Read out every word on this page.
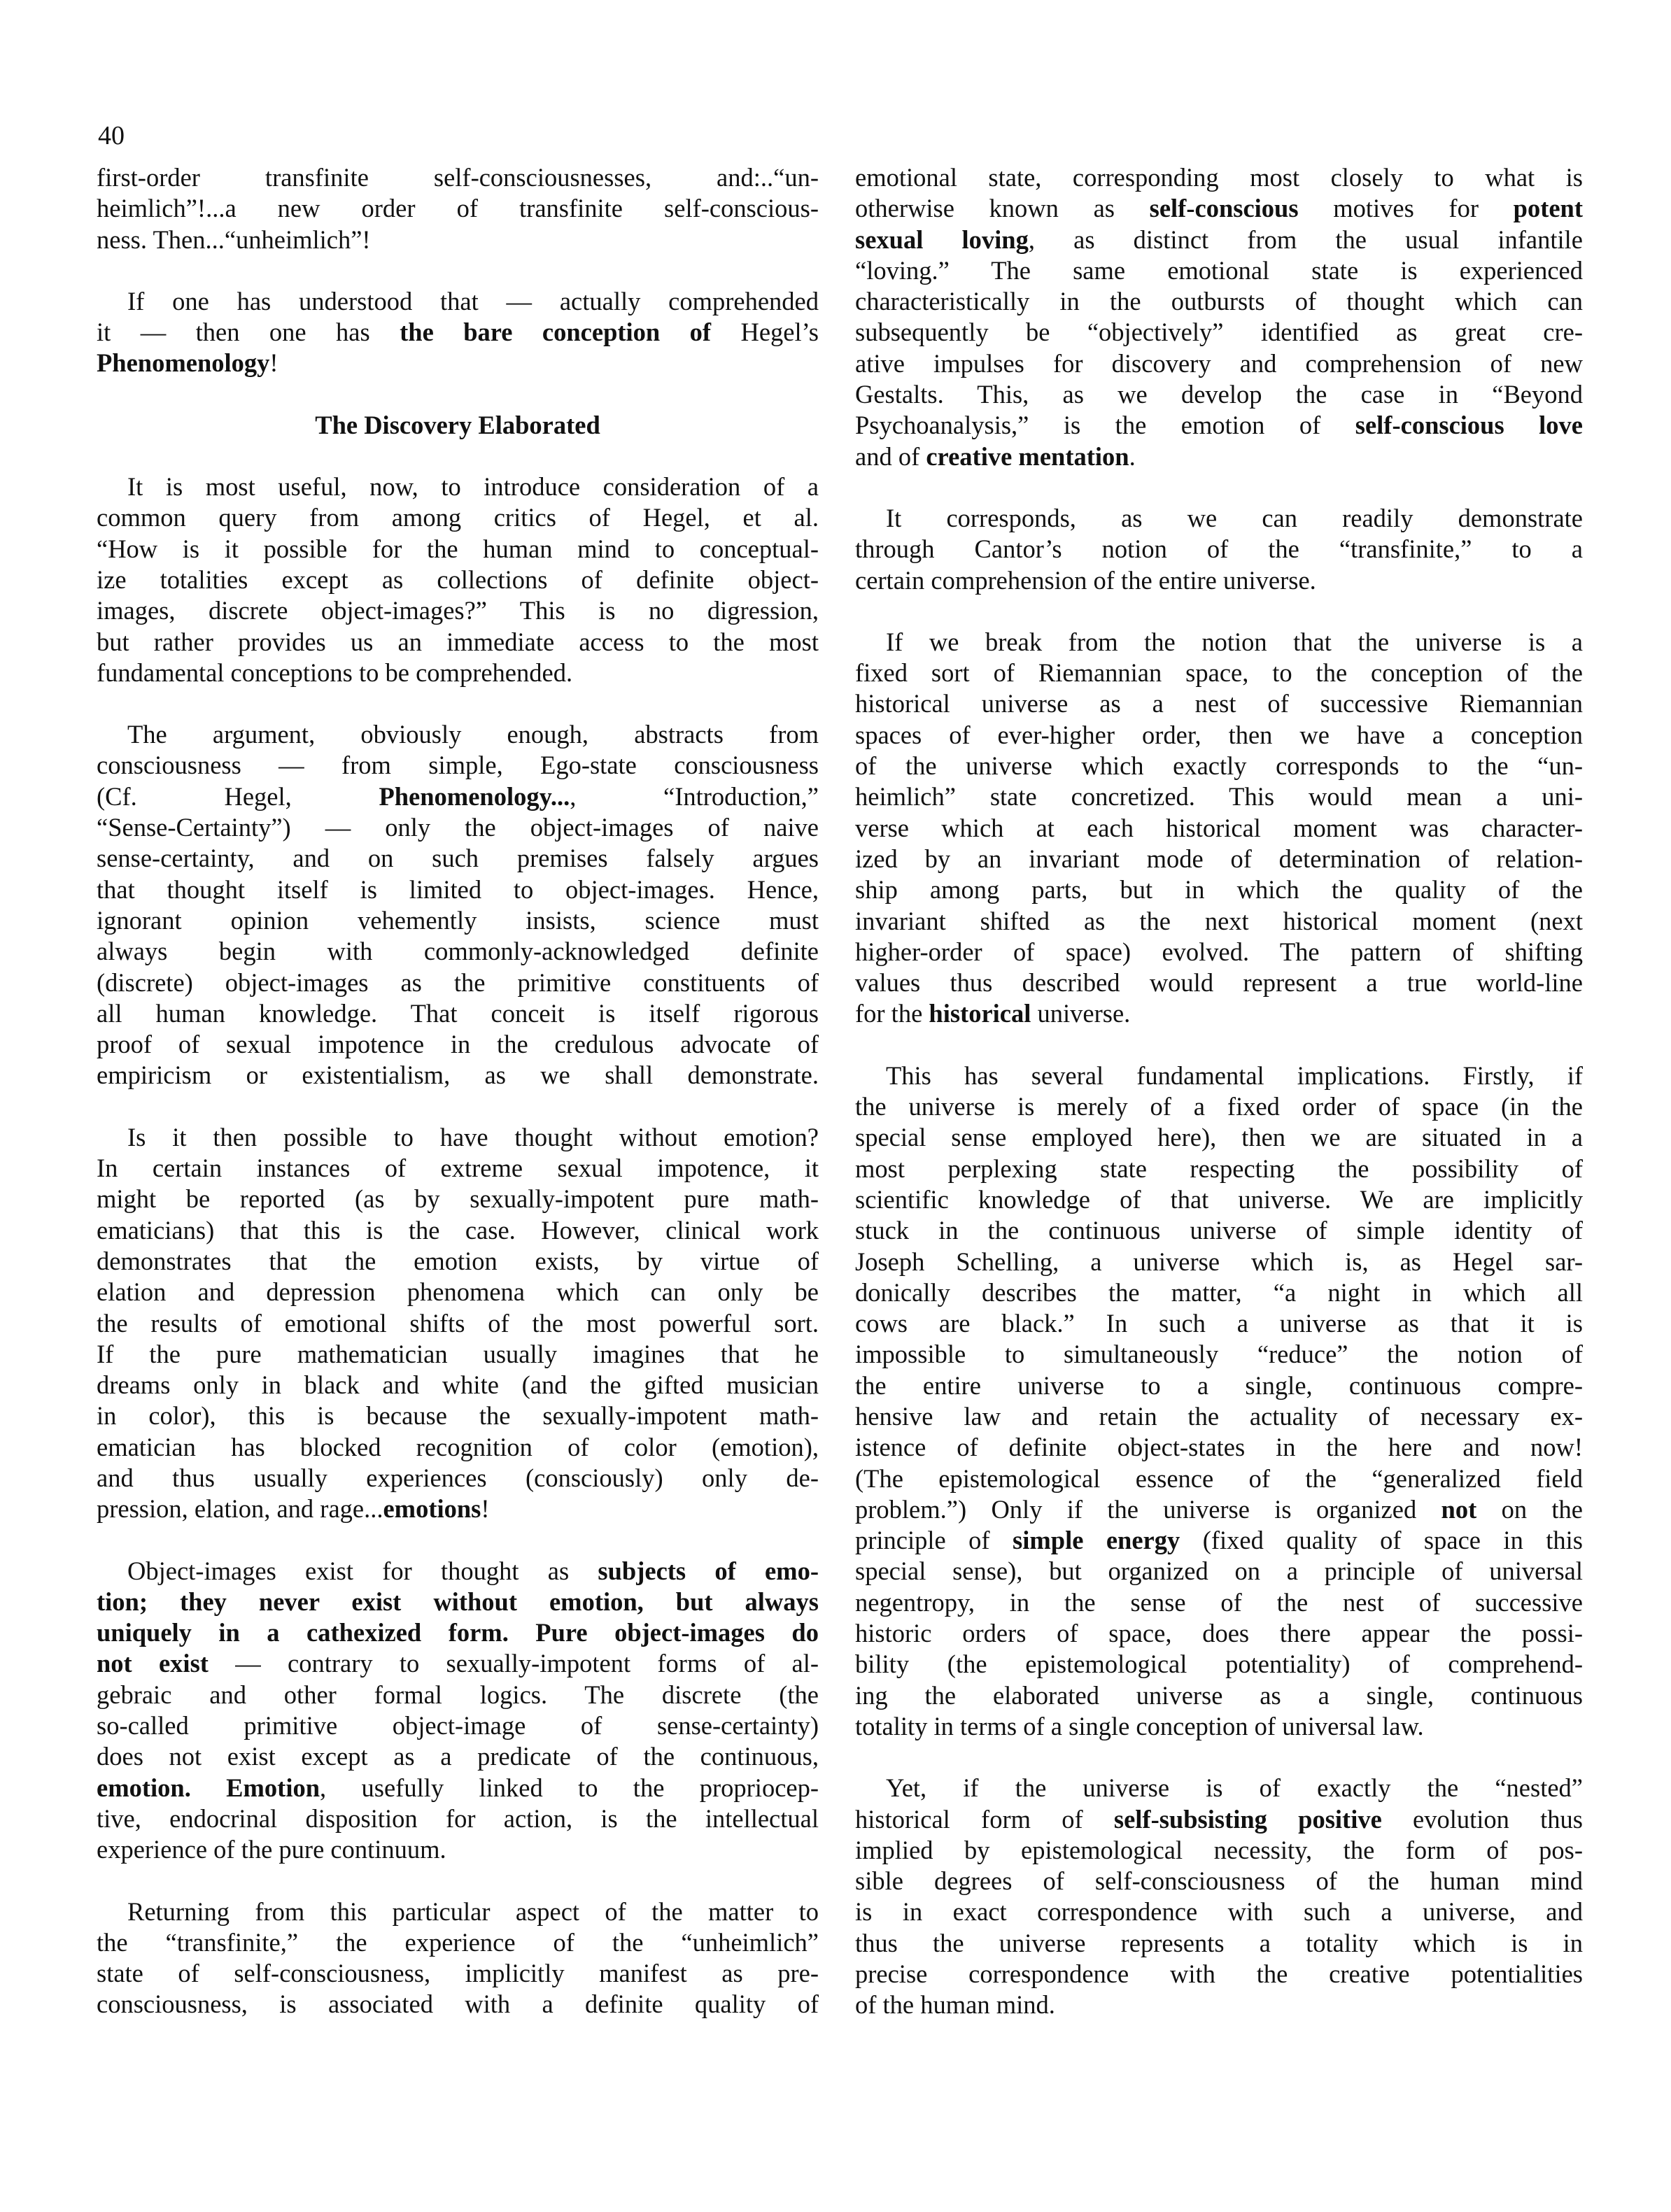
40
first-order transfinite self-consciousnesses, and:..“un-
heimlich”!...a new order of transfinite self-conscious-
ness. Then...“unheimlich”!
If one has understood that — actually comprehended
it — then one has the bare conception of Hegel’s
Phenomenology!
The Discovery Elaborated
It is most useful, now, to introduce consideration of a
common query from among critics of Hegel, et al.
“How is it possible for the human mind to conceptual-
ize totalities except as collections of definite object-
images, discrete object-images?” This is no digression,
but rather provides us an immediate access to the most
fundamental conceptions to be comprehended.
The argument, obviously enough, abstracts from
consciousness — from simple, Ego-state consciousness
(Cf. Hegel, Phenomenology..., “Introduction,”
“Sense-Certainty”) — only the object-images of naive
sense-certainty, and on such premises falsely argues
that thought itself is limited to object-images. Hence,
ignorant opinion vehemently insists, science must
always begin with commonly-acknowledged definite
(discrete) object-images as the primitive constituents of
all human knowledge. That conceit is itself rigorous
proof of sexual impotence in the credulous advocate of
empiricism or existentialism, as we shall demonstrate.
Is it then possible to have thought without emotion?
In certain instances of extreme sexual impotence, it
might be reported (as by sexually-impotent pure math-
ematicians) that this is the case. However, clinical work
demonstrates that the emotion exists, by virtue of
elation and depression phenomena which can only be
the results of emotional shifts of the most powerful sort.
If the pure mathematician usually imagines that he
dreams only in black and white (and the gifted musician
in color), this is because the sexually-impotent math-
ematician has blocked recognition of color (emotion),
and thus usually experiences (consciously) only de-
pression, elation, and rage...emotions!
Object-images exist for thought as subjects of emo-
tion; they never exist without emotion, but always
uniquely in a cathexized form. Pure object-images do
not exist — contrary to sexually-impotent forms of al-
gebraic and other formal logics. The discrete (the
so-called primitive object-image of sense-certainty)
does not exist except as a predicate of the continuous,
emotion. Emotion, usefully linked to the propriocep-
tive, endocrinal disposition for action, is the intellectual
experience of the pure continuum.
Returning from this particular aspect of the matter to
the “transfinite,” the experience of the “unheimlich”
state of self-consciousness, implicitly manifest as pre-
consciousness, is associated with a definite quality of
emotional state, corresponding most closely to what is
otherwise known as self-conscious motives for potent
sexual loving, as distinct from the usual infantile
“loving.” The same emotional state is experienced
characteristically in the outbursts of thought which can
subsequently be “objectively” identified as great cre-
ative impulses for discovery and comprehension of new
Gestalts. This, as we develop the case in “Beyond
Psychoanalysis,” is the emotion of self-conscious love
and of creative mentation.
It corresponds, as we can readily demonstrate
through Cantor’s notion of the “transfinite,” to a
certain comprehension of the entire universe.
If we break from the notion that the universe is a
fixed sort of Riemannian space, to the conception of the
historical universe as a nest of successive Riemannian
spaces of ever-higher order, then we have a conception
of the universe which exactly corresponds to the “un-
heimlich” state concretized. This would mean a uni-
verse which at each historical moment was character-
ized by an invariant mode of determination of relation-
ship among parts, but in which the quality of the
invariant shifted as the next historical moment (next
higher-order of space) evolved. The pattern of shifting
values thus described would represent a true world-line
for the historical universe.
This has several fundamental implications. Firstly, if
the universe is merely of a fixed order of space (in the
special sense employed here), then we are situated in a
most perplexing state respecting the possibility of
scientific knowledge of that universe. We are implicitly
stuck in the continuous universe of simple identity of
Joseph Schelling, a universe which is, as Hegel sar-
donically describes the matter, “a night in which all
cows are black.” In such a universe as that it is
impossible to simultaneously “reduce” the notion of
the entire universe to a single, continuous compre-
hensive law and retain the actuality of necessary ex-
istence of definite object-states in the here and now!
(The epistemological essence of the “generalized field
problem.”) Only if the universe is organized not on the
principle of simple energy (fixed quality of space in this
special sense), but organized on a principle of universal
negentropy, in the sense of the nest of successive
historic orders of space, does there appear the possi-
bility (the epistemological potentiality) of comprehend-
ing the elaborated universe as a single, continuous
totality in terms of a single conception of universal law.
Yet, if the universe is of exactly the “nested”
historical form of self-subsisting positive evolution thus
implied by epistemological necessity, the form of pos-
sible degrees of self-consciousness of the human mind
is in exact correspondence with such a universe, and
thus the universe represents a totality which is in
precise correspondence with the creative potentialities
of the human mind.
